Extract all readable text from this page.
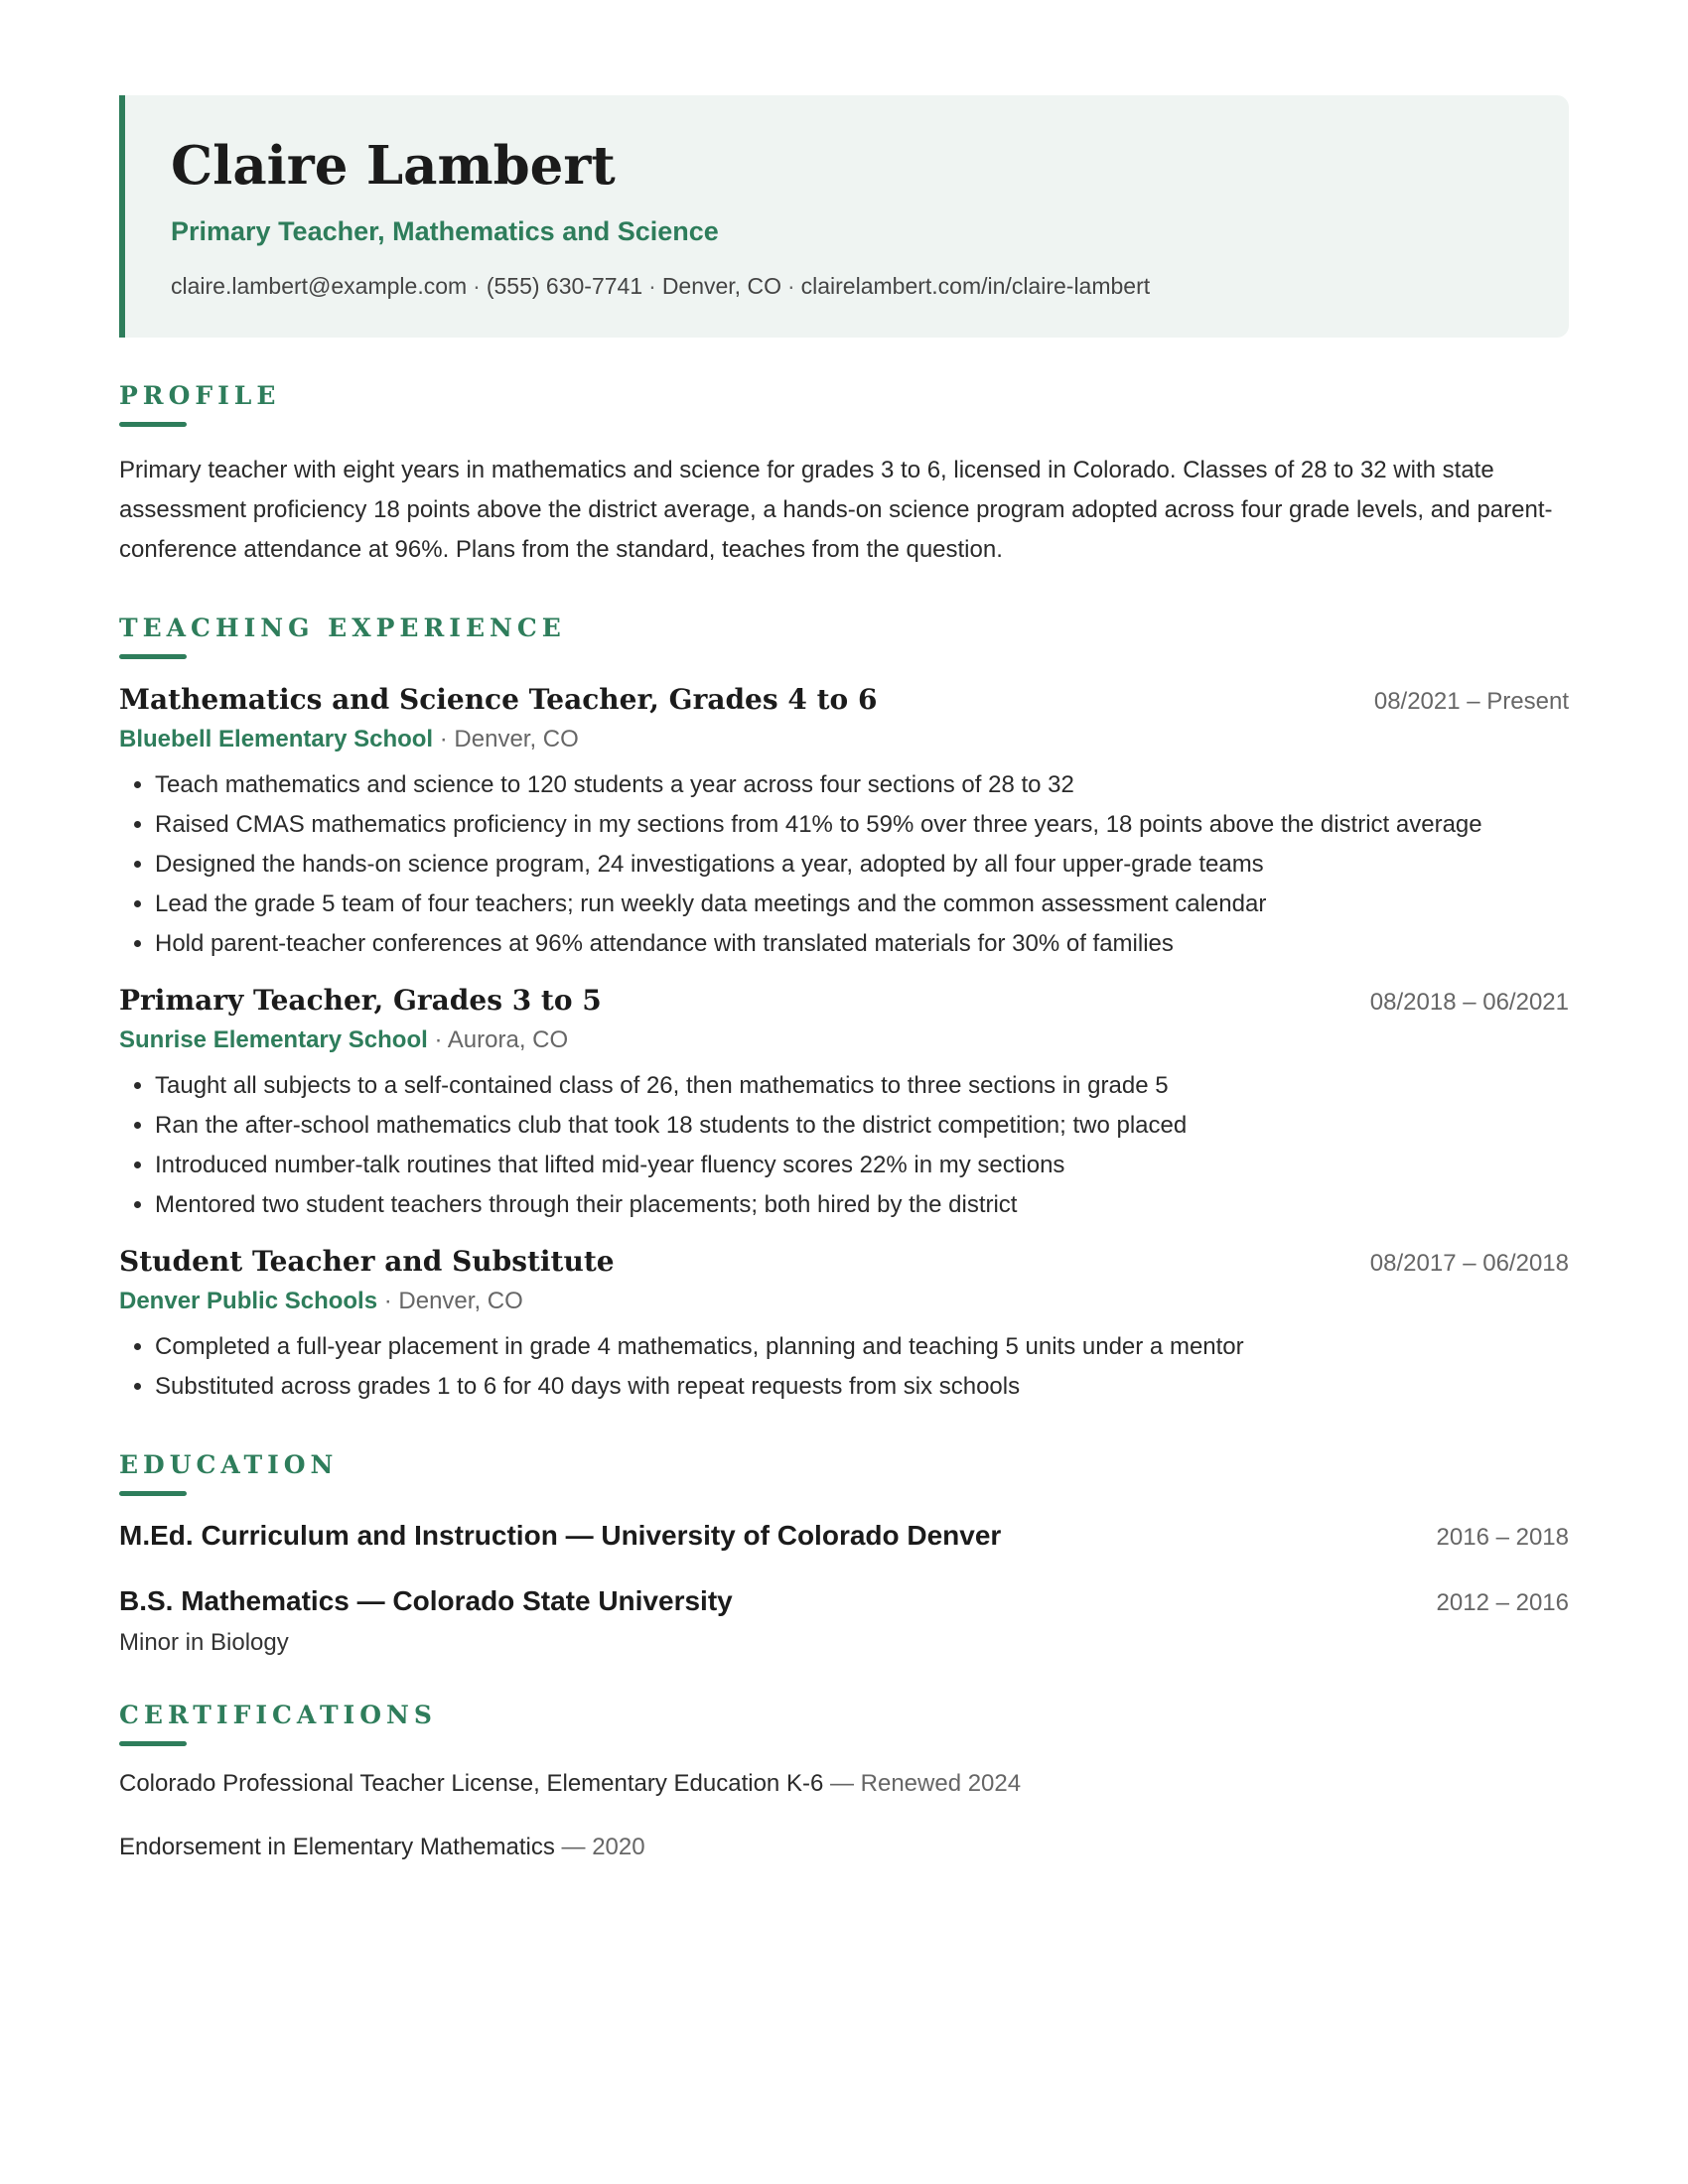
Claire Lambert
Primary Teacher, Mathematics and Science
claire.lambert@example.com · (555) 630-7741 · Denver, CO · clairelambert.com/in/claire-lambert
PROFILE

Primary teacher with eight years in mathematics and science for grades 3 to 6, licensed in Colorado. Classes of 28 to 32 with state assessment proficiency 18 points above the district average, a hands-on science program adopted across four grade levels, and parent-conference attendance at 96%. Plans from the standard, teaches from the question.

TEACHING EXPERIENCE
Mathematics and Science Teacher, Grades 4 to 6	08/2021 – Present
Bluebell Elementary School · Denver, CO
• Teach mathematics and science to 120 students a year across four sections of 28 to 32
• Raised CMAS mathematics proficiency in my sections from 41% to 59% over three years, 18 points above the district average
• Designed the hands-on science program, 24 investigations a year, adopted by all four upper-grade teams
• Lead the grade 5 team of four teachers; run weekly data meetings and the common assessment calendar
• Hold parent-teacher conferences at 96% attendance with translated materials for 30% of families
Primary Teacher, Grades 3 to 5	08/2018 – 06/2021
Sunrise Elementary School · Aurora, CO
• Taught all subjects to a self-contained class of 26, then mathematics to three sections in grade 5
• Ran the after-school mathematics club that took 18 students to the district competition; two placed
• Introduced number-talk routines that lifted mid-year fluency scores 22% in my sections
• Mentored two student teachers through their placements; both hired by the district
Student Teacher and Substitute	08/2017 – 06/2018
Denver Public Schools · Denver, CO
• Completed a full-year placement in grade 4 mathematics, planning and teaching 5 units under a mentor
• Substituted across grades 1 to 6 for 40 days with repeat requests from six schools
EDUCATION
M.Ed. Curriculum and Instruction — University of Colorado Denver	2016 – 2018
B.S. Mathematics — Colorado State University	2012 – 2016
Minor in Biology
CERTIFICATIONS
Colorado Professional Teacher License, Elementary Education K-6 — Renewed 2024
Endorsement in Elementary Mathematics — 2020
